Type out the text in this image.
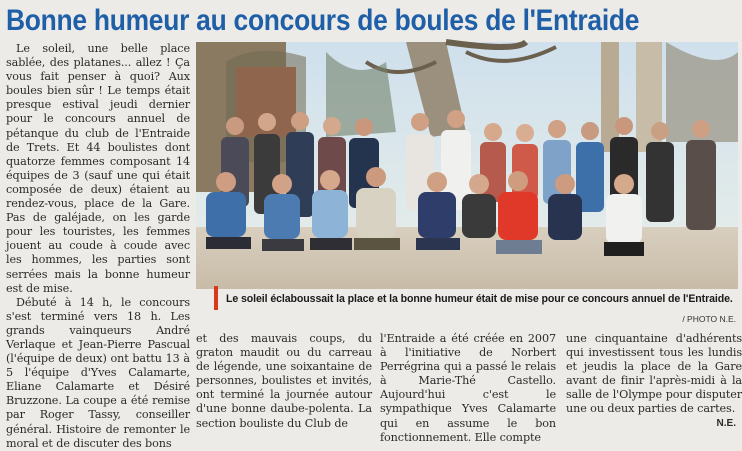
Bonne humeur au concours de boules de l'Entraide

Le soleil, une belle place sablée, des platanes... allez ! Ça vous fait penser à quoi? Aux boules bien sûr ! Le temps était presque estival jeudi dernier pour le concours annuel de pétanque du club de l'Entraide de Trets. Et 44 boulistes dont quatorze femmes composant 14 équipes de 3 (sauf une qui était composée de deux) étaient au rendez-vous, place de la Gare. Pas de galéjade, on les garde pour les touristes, les femmes jouent au coude à coude avec les hommes, les parties sont serrées mais la bonne humeur est de mise.

Débuté à 14 h, le concours s'est terminé vers 18 h. Les grands vainqueurs André Verlaque et Jean-Pierre Pascual (l'équipe de deux) ont battu 13 à 5 l'équipe d'Yves Calamarte, Eliane Calamarte et Désiré Bruzzone. La coupe a été remise par Roger Tassy, conseiller général. Histoire de remonter le moral et de discuter des bons

Le soleil éclaboussait la place et la bonne humeur était de mise pour ce concours annuel de l'Entraide.
/ PHOTO N.E.

et des mauvais coups, du graton maudit ou du carreau de légende, une soixantaine de personnes, boulistes et invités, ont terminé la journée autour d'une bonne daube-polenta. La section bouliste du Club de

l'Entraide a été créée en 2007 à l'initiative de Norbert Perrégrina qui a passé le relais à Marie-Thé Castello. Aujourd'hui c'est le sympathique Yves Calamarte qui en assume le bon fonctionnement. Elle compte

une cinquantaine d'adhérents qui investissent tous les lundis et jeudis la place de la Gare avant de finir l'après-midi à la salle de l'Olympe pour disputer une ou deux parties de cartes.

N.E.
